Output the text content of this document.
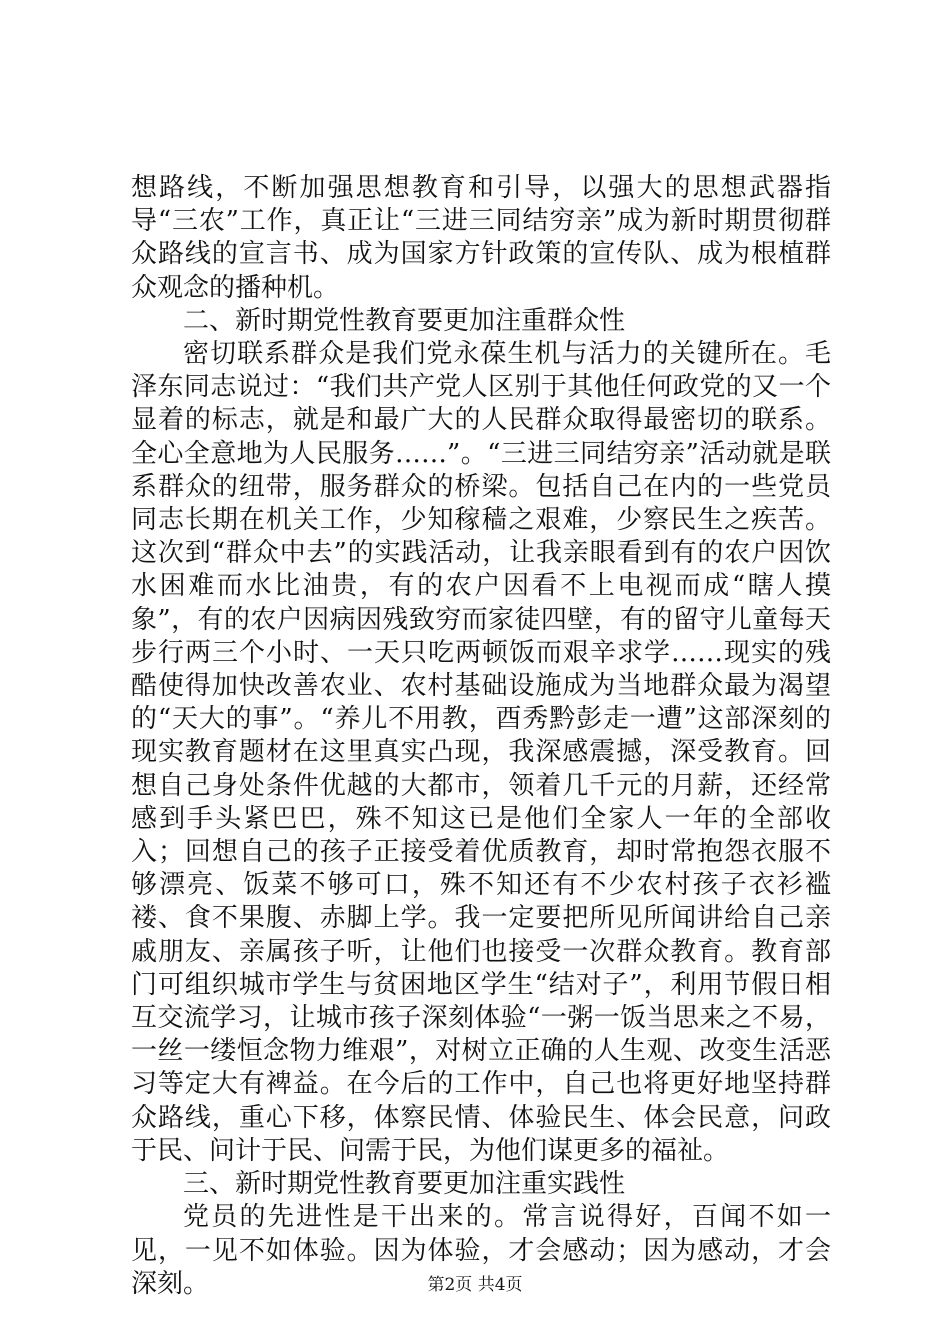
想路线，不断加强思想教育和引导，以强大的思想武器指导“三农”工作，真正让“三进三同结穷亲”成为新时期贯彻群众路线的宣言书、成为国家方针政策的宣传队、成为根植群众观念的播种机。

二、新时期党性教育要更加注重群众性

密切联系群众是我们党永葆生机与活力的关键所在。毛泽东同志说过：“我们共产党人区别于其他任何政党的又一个显着的标志，就是和最广大的人民群众取得最密切的联系。全心全意地为人民服务……”。“三进三同结穷亲”活动就是联系群众的纽带，服务群众的桥梁。包括自己在内的一些党员同志长期在机关工作，少知稼穑之艰难，少察民生之疾苦。这次到“群众中去”的实践活动，让我亲眼看到有的农户因饮水困难而水比油贵，有的农户因看不上电视而成“瞎人摸象”，有的农户因病因残致穷而家徒四壁，有的留守儿童每天步行两三个小时、一天只吃两顿饭而艰辛求学……现实的残酷使得加快改善农业、农村基础设施成为当地群众最为渴望的“天大的事”。“养儿不用教，酉秀黔彭走一遭”这部深刻的现实教育题材在这里真实凸现，我深感震撼，深受教育。回想自己身处条件优越的大都市，领着几千元的月薪，还经常感到手头紧巴巴，殊不知这已是他们全家人一年的全部收入；回想自己的孩子正接受着优质教育，却时常抱怨衣服不够漂亮、饭菜不够可口，殊不知还有不少农村孩子衣衫褴褛、食不果腹、赤脚上学。我一定要把所见所闻讲给自己亲戚朋友、亲属孩子听，让他们也接受一次群众教育。教育部门可组织城市学生与贫困地区学生“结对子”，利用节假日相互交流学习，让城市孩子深刻体验“一粥一饭当思来之不易，一丝一缕恒念物力维艰”，对树立正确的人生观、改变生活恶习等定大有裨益。在今后的工作中，自己也将更好地坚持群众路线，重心下移，体察民情、体验民生、体会民意，问政于民、问计于民、问需于民，为他们谋更多的福祉。

三、新时期党性教育要更加注重实践性

党员的先进性是干出来的。常言说得好，百闻不如一见，一见不如体验。因为体验，才会感动；因为感动，才会深刻。	第2页 共4页
